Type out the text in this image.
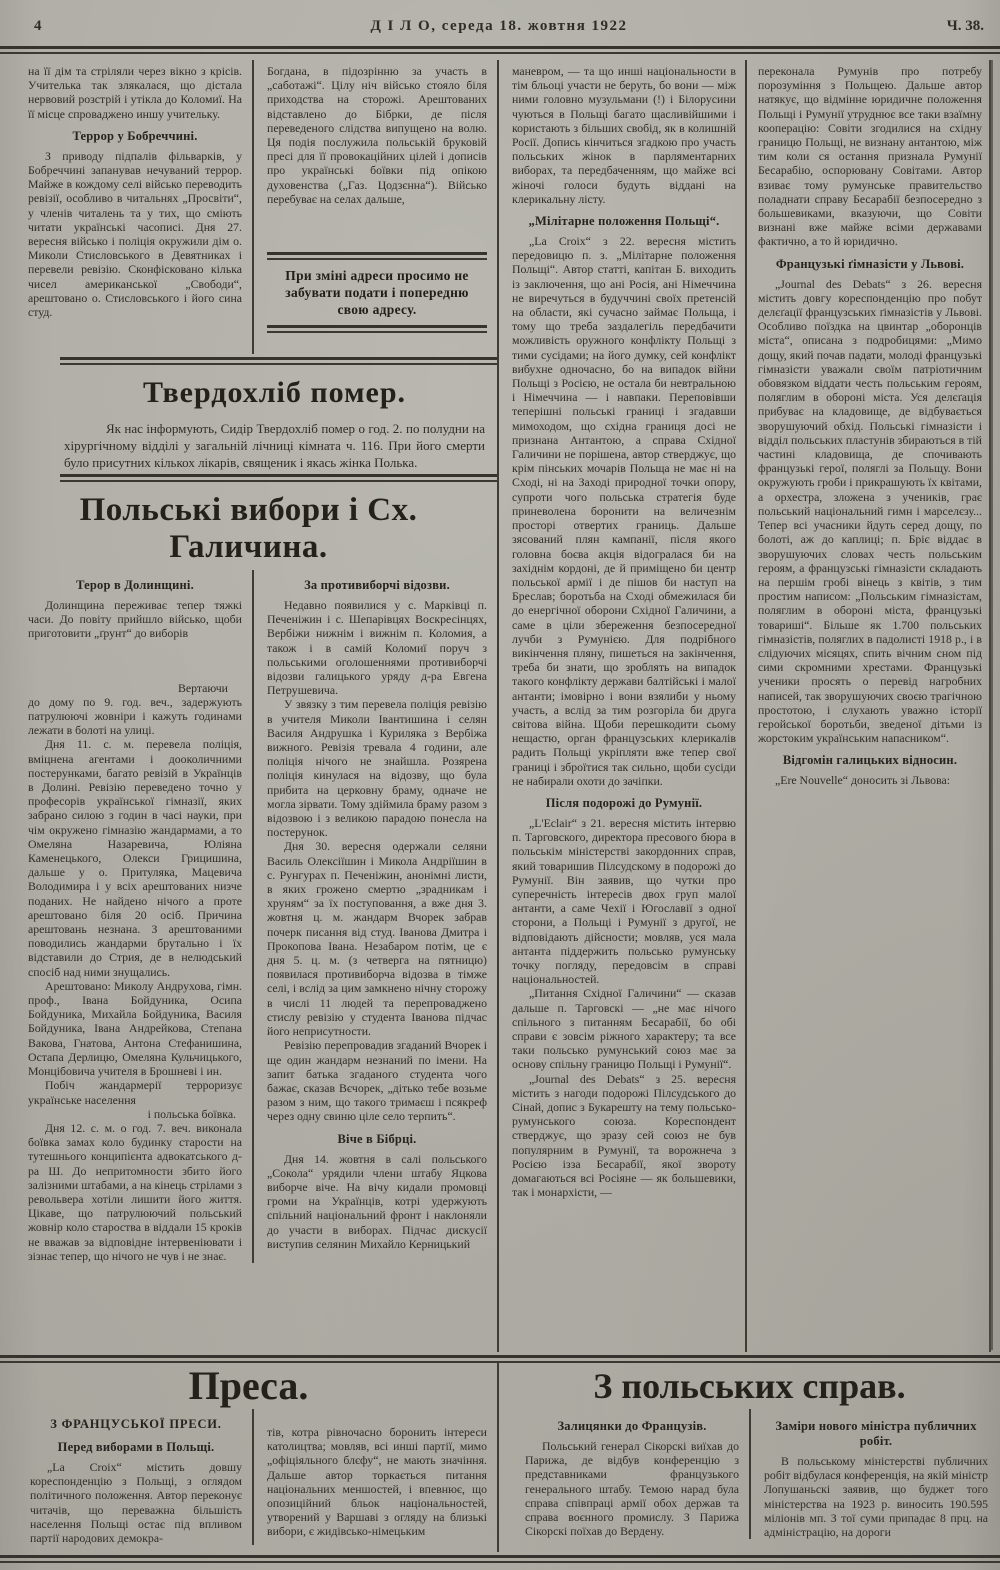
4	Д І Л О, середа 18. жовтня 1922	Ч. 38.

на її дім та стріляли через вікно з крісів. Учителька так злякалася, що дістала нервовий розстрій і утікла до Коломиї. На її місце спроваджено иншу учительку.

Террор у Бобреччині.

З приводу підпалів фільварків, у Бобреччині запанував нечуваний террор. Майже в кождому селі військо переводить ревізії, особливо в читальнях „Просвіти“, у членів читалень та у тих, що сміють читати українські часописі. Дня 27. вересня військо і поліція окружили дім о. Миколи Стисловського в Девятниках і перевели ревізію. Сконфісковано кілька чисел американської „Свободи“, арештовано о. Стисловського і його сина студ.

Богдана, в підозрінню за участь в „саботажі“. Цілу ніч військо стояло біля приходства на сторожі. Арештованих відставлено до Бібрки, де після переведеного слідства випущено на волю. Ця подія послужила польській бруковій пресі для її провокаційних цілей і дописів про українські боївки під опікою духовенства („Газ. Цодзєнна“). Військо перебуває на селах дальше,

При зміні адреси просимо не забувати подати і попередню свою адресу.
Твердохліб помер.

Як нас інформують, Сидір Твердохліб помер о год. 2. по полудни на хірургічному відділі у загальній лічниці кімната ч. 116. При його смерти було присутних кількох лікарів, священик і якась жінка Полька.

Польські вибори і Сх. Галичина.
Терор в Долинщині.

Долинщина переживає тепер тяжкі часи. До повіту прийшло військо, щоби приготовити „ґрунт“ до виборів

Вертаючи до дому по 9. год. веч., задержують патрулюючі жовніри і кажуть годинами лежати в болоті на улиці.

Дня 11. с. м. перевела поліція, вміцнена агентами і дооколичними постерунками, багато ревізій в Українців в Долині. Ревізію переведено точно у професорів української гімназії, яких забрано силою з годин в часі науки, при чім окружено гімназію жандармами, а то Омеляна Назаревича, Юліяна Каменецького, Олекси Грицишина, дальше у о. Притуляка, Мацевича Володимира і у всіх арештованих низче поданих. Не найдено нічого а проте арештовано біля 20 осіб. Причина арештовань незнана. З арештованими поводились жандарми брутально і їх відставили до Стрия, де в нелюдський спосіб над ними знущались.

Арештовано: Миколу Андрухова, гімн. проф., Івана Бойдуника, Осипа Бойдуника, Михайла Бойдуника, Василя Бойдуника, Івана Андрейкова, Степана Вакова, Гнатова, Антона Стефанишина, Остапа Дерлицю, Омеляна Кульчицького, Монцібовича учителя в Брошневі і ин.

Побіч жандармерії терроризує українське населення

і польська боївка.

Дня 12. с. м. о год. 7. веч. виконала боївка замах коло будинку старости на тутешнього конципієнта адвокатського д-ра Ш. До непритомности збито його залізними штабами, а на кінець стрілами з револьвера хотіли лишити його життя. Цікаве, що патрулюючий польський жовнір коло староства в віддали 15 кроків не вважав за відповідне інтервеніювати і зізнає тепер, що нічого не чув і не знає.

За противиборчі відозви.

Недавно появилися у с. Марківці п. Печеніжин і с. Шепарівцях Воскресінцях, Вербіжи нижнім і вижнім п. Коломия, а також і в самій Коломиї поруч з польськими оголошеннями противиборчі відозви галицького уряду д-ра Евгена Петрушевича.

У звязку з тим перевела поліція ревізію в учителя Миколи Івантишина і селян Василя Андрушка і Куриляка з Вербіжа вижного. Ревізія тревала 4 години, але поліція нічого не знайшла. Розярена поліція кинулася на відозву, що була прибита на церковну браму, одначе не могла зірвати. Тому здіймила браму разом з відозвою і з великою парадою понесла на постерунок.

Дня 30. вересня одержали селяни Василь Олексіїшин і Микола Андріїшин в с. Рунгурах п. Печеніжин, анонімні листи, в яких грожено смертю „зрадникам і хруням“ за їх поступовання, а вже дня 3. жовтня ц. м. жандарм Вчорек забрав почерк писання від студ. Іванова Дмитра і Прокопова Івана. Незабаром потім, це є дня 5. ц. м. (з четверга на пятницю) появилася противиборча відозва в тімже селі, і вслід за цим замкнено нічну сторожу в числі 11 людей та перепроваджено стислу ревізію у студента Іванова підчас його неприсутности.

Ревізію перепровадив згаданий Вчорек і ще один жандарм незнаний по імени. На запит батька згаданого студента чого бажає, сказав Вєчорек, „дітько тебе возьме разом з ним, що такого тримаєш і псякреф через одну свиню ціле село терпить“.

Віче в Бібрці.

Дня 14. жовтня в салі польського „Сокола“ урядили члени штабу Яцкова виборче віче. На вічу кидали промовці громи на Українців, котрі удержують спільний національний фронт і наклоняли до участи в виборах. Підчас дискусії виступив селянин Михайло Керницький

маневром, — та що инші національности в тім бльоці участи не беруть, бо вони — між ними головно музульмани (!) і Білорусини чуються в Польщі багато щасливійшими і користають з більших свобід, як в колишній Росії. Допись кінчиться згадкою про участь польських жінок в парляментарних виборах, та передбаченням, що майже всі жіночі голоси будуть віддані на клерикальну лісту.

„Мілітарне положення Польщі“.

„La Croix“ з 22. вересня містить передовицю п. з. „Мілітарне положення Польщі“. Автор статті, капітан Б. виходить із заключення, що ані Росія, ані Німеччина не виречуться в будуччині своїх претенсій на области, які сучасно займає Польща, і тому що треба заздалегіль передбачити можливість оружного конфлікту Польщі з тими сусідами; на його думку, сей конфлікт вибухне одночасно, бо на випадок війни Польщі з Росією, не остала би невтральною і Німеччина — і навпаки. Переповівши теперішні польські границі і згадавши мимоходом, що східна границя досі не признана Антантою, а справа Східної Галичини не порішена, автор стверджує, що крім пінських мочарів Польща не має ні на Сході, ні на Заході природної точки опору, супроти чого польська стратегія буде приневолена боронити на величезнім просторі отвертих границь. Дальше зясований плян кампанії, після якого головна боєва акція відогралася би на західнім кордоні, де й приміщено би центр польської армії і де пішов би наступ на Бреслав; боротьба на Сході обмежилася би до енергічної оборони Східної Галичини, а саме в ціли збереження безпосередної лучби з Румунією. Для подрібного викінчення пляну, пишеться на закінчення, треба би знати, що зроблять на випадок такого конфлікту держави балтійські і малої антанти; імовірно і вони взялиби у ньому участь, а вслід за тим розгоріла би друга світова війна. Щоби перешкодити сьому нещастю, орган французських клерикалів радить Польщі укріпляти вже тепер свої границі і зброїтися так сильно, щоби сусіди не набирали охоти до зачіпки.

Після подорожі до Румунії.

„L'Eclair“ з 21. вересня містить інтервю п. Тарговского, директора пресового бюра в польськім міністерстві закордонних справ, який товаришив Пілсудскому в подорожі до Румунії. Він заявив, що чутки про суперечність інтересів двох груп малої антанти, а саме Чехії і Югославії з одної сторони, а Польщі і Румунії з другої, не відповідають дійсности; мовляв, уся мала антанта піддержить польсько румунську точку погляду, передовсім в справі національностей.

„Питання Східної Галичини“ — сказав дальше п. Тарговскі — „не має нічого спільного з питанням Бесарабії, бо обі справи є зовсім ріжного характеру; та все таки польсько румунський союз має за основу спільну границю Польщі і Румунії“.

„Journal des Debats“ з 25. вересня містить з нагоди подорожі Пілсудського до Сінай, допис з Букарешту на тему польсько-румунського союза. Кореспондент стверджує, що зразу сей союз не був популярним в Румунії, та ворожнеча з Росією ізза Бесарабії, якої звороту домагаються всі Росіяне — як большевики, так і монархісти, —

переконала Румунів про потребу порозуміння з Польщею. Дальше автор натякує, що відмінне юридичне положення Польщі і Румунії утруднює все таки взаїмну кооперацію: Совіти згодилися на східну границю Польщі, не визнану антантою, між тим коли ся остання признала Румунії Бесарабію, оспорювану Совітами. Автор взиває тому румунське правительство поладнати справу Бесарабії безпосередно з большевиками, вказуючи, що Совіти визнані вже майже всіми державами фактично, а то й юридично.

Французькі ґімназісти у Львові.

„Journal des Debats“ з 26. вересня містить довгу кореспонденцію про побут делєґації французських ґімназістів у Львові. Особливо поїздка на цвинтар „оборонців міста“, описана з подробицями: „Мимо дощу, який почав падати, молоді французькі гімназісти уважали своїм патріотичним обовязком віддати честь польським героям, поляглим в обороні міста. Уся делєґація прибуває на кладовище, де відбувається зворушуючий обхід. Польські гімназісти і відділ польських пластунів збираються в тій частині кладовища, де спочивають французькі герої, поляглі за Польщу. Вони окружують гроби і прикрашують їх квітами, а орхестра, зложена з учеників, грає польський національний гимн і марселєзу... Тепер всі учасники йдуть серед дощу, по болоті, аж до каплиці; п. Бріє віддає в зворушуючих словах честь польським героям, а французські гімназісти складають на першім гробі вінець з квітів, з тим простим написом: „Польським гімназістам, поляглим в обороні міста, французькі товариші“. Більше як 1.700 польських гімназістів, поляглих в падолисті 1918 р., і в слідуючих місяцях, спить вічним сном під сими скромними хрестами. Французькі ученики просять о перевід нагробних написей, так зворушуючих своєю трагічною простотою, і слухають уважно історії геройської боротьби, зведеної дітьми із жорстоким українським напасником“.

Відгомін галицьких відносин.

„Ere Nouvelle“ доносить зі Львова:

Преса.
З ФРАНЦУСЬКОЇ ПРЕСИ.
Перед виборами в Польщі.

„La Croix“ містить довшу кореспонденцію з Польщі, з оглядом політичного положення. Автор переконує читачів, що переважна більшість населення Польщі остає під впливом партії народових демокра-

тів, котра рівночасно боронить інтереси католицтва; мовляв, всі инші партії, мимо „офіціяльного блєфу“, не мають значіння. Дальше автор торкається питання національних меншостей, і впевнює, що опозиційний бльок національностей, утворений у Варшаві з огляду на близькі вибори, є жидівсько-німецьким

З польських справ.
Залицянки до Французів.

Польський генерал Сікорскі виїхав до Парижа, де відбув конференцію з представниками французького генерального штабу. Темою нарад була справа співпраці армії обох держав та справа воєнного промислу. З Парижа Сікорскі поїхав до Вердену.

Заміри нового міністра публичних робіт.

В польському міністерстві публичних робіт відбулася конференція, на якій міністр Лопушаньскі заявив, що буджет того міністерства на 1923 р. виносить 190.595 міліонів мп. З тої суми припадає 8 прц. на адміністрацію, на дороги
